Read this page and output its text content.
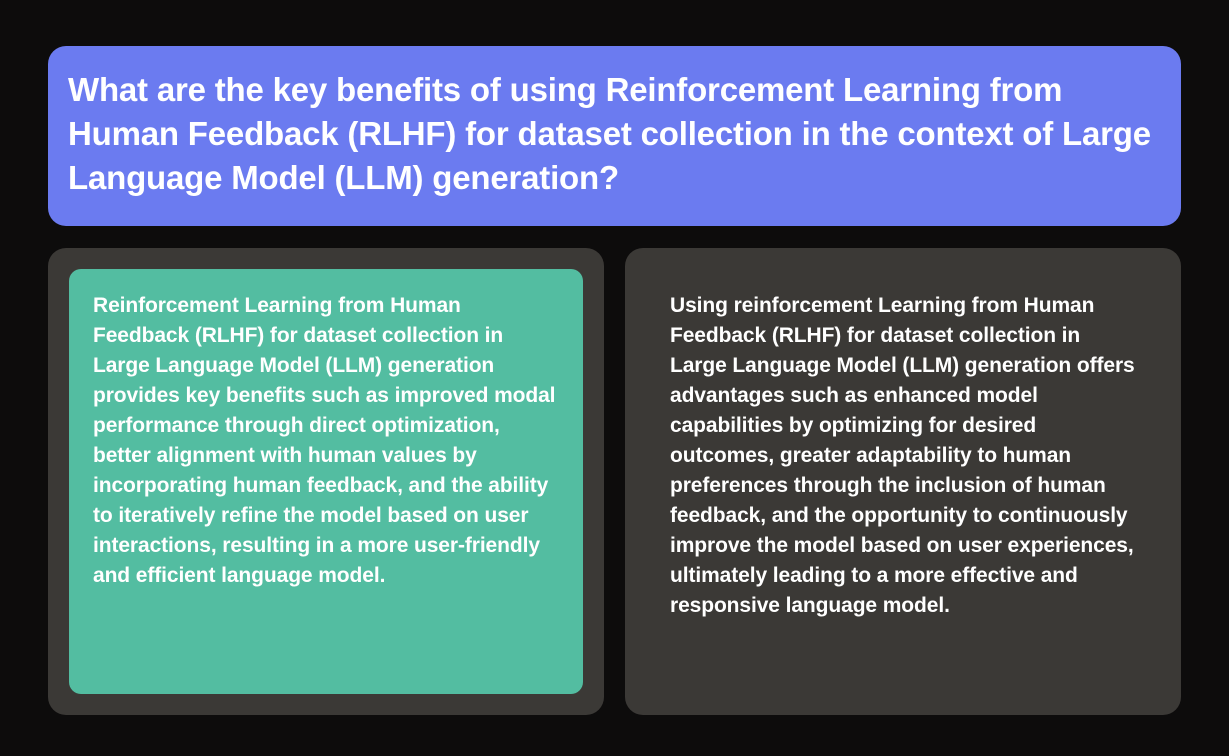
What are the key benefits of using Reinforcement Learning from Human Feedback (RLHF) for dataset collection in the context of Large Language Model (LLM) generation?

Reinforcement Learning from Human Feedback (RLHF) for dataset collection in Large Language Model (LLM) generation provides key benefits such as improved modal performance through direct optimization, better alignment with human values by incorporating human feedback, and the ability to iteratively refine the model based on user interactions, resulting in a more user-friendly and efficient language model.

Using reinforcement Learning from Human Feedback (RLHF) for dataset collection in Large Language Model (LLM) generation offers advantages such as enhanced model capabilities by optimizing for desired outcomes, greater adaptability to human preferences through the inclusion of human feedback, and the opportunity to continuously improve the model based on user experiences, ultimately leading to a more effective and responsive language model.
